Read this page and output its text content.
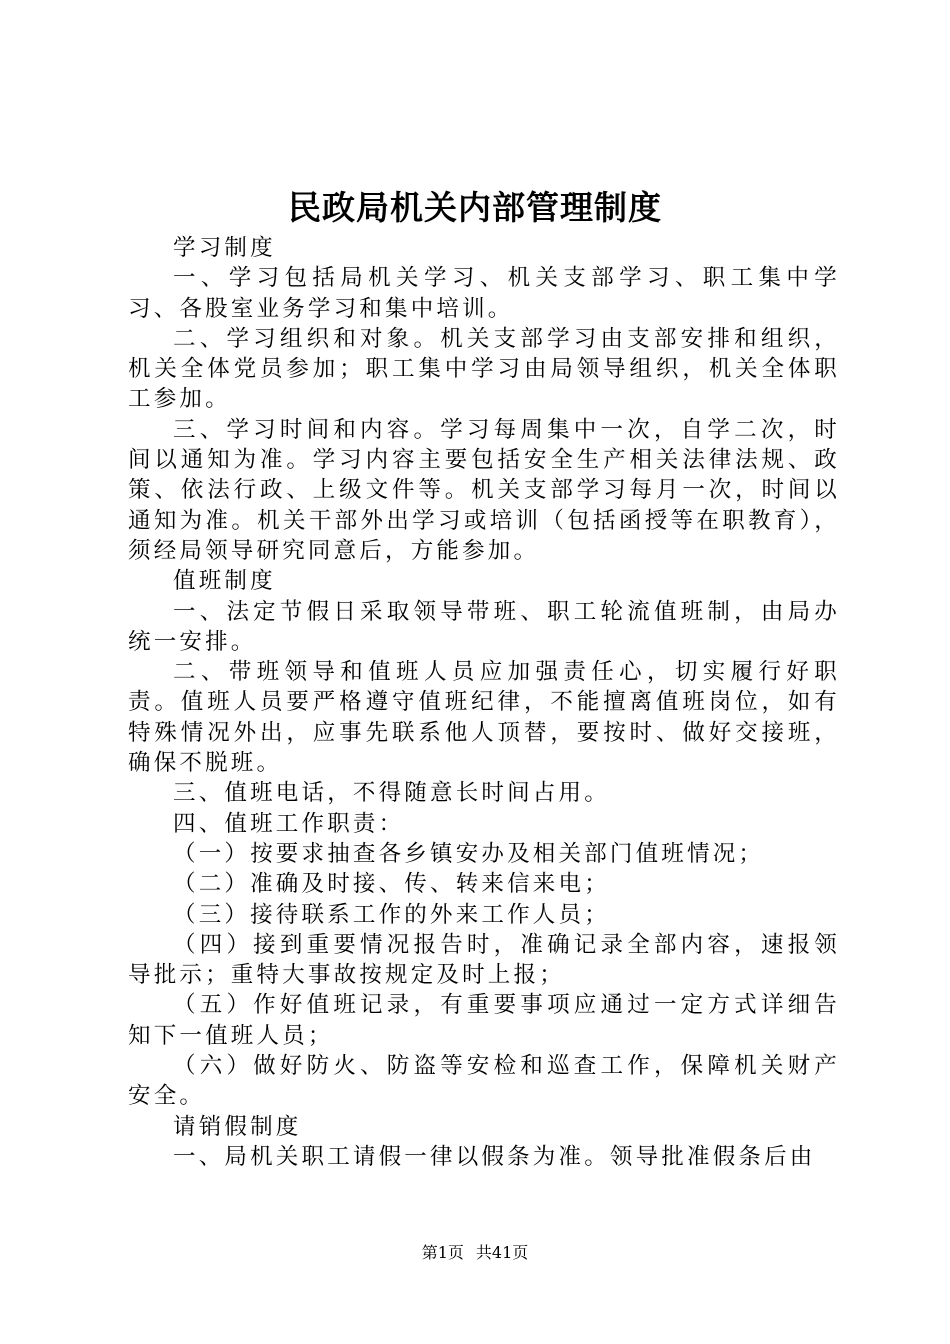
民政局机关内部管理制度

学习制度

一、学习包括局机关学习、机关支部学习、职工集中学习、各股室业务学习和集中培训。

二、学习组织和对象。机关支部学习由支部安排和组织，机关全体党员参加；职工集中学习由局领导组织，机关全体职工参加。

三、学习时间和内容。学习每周集中一次，自学二次，时间以通知为准。学习内容主要包括安全生产相关法律法规、政策、依法行政、上级文件等。机关支部学习每月一次，时间以通知为准。机关干部外出学习或培训（包括函授等在职教育），须经局领导研究同意后，方能参加。

值班制度

一、法定节假日采取领导带班、职工轮流值班制，由局办统一安排。

二、带班领导和值班人员应加强责任心，切实履行好职责。值班人员要严格遵守值班纪律，不能擅离值班岗位，如有特殊情况外出，应事先联系他人顶替，要按时、做好交接班，确保不脱班。

三、值班电话，不得随意长时间占用。

四、值班工作职责：

（一）按要求抽查各乡镇安办及相关部门值班情况；

（二）准确及时接、传、转来信来电；

（三）接待联系工作的外来工作人员；

（四）接到重要情况报告时，准确记录全部内容，速报领导批示；重特大事故按规定及时上报；

（五）作好值班记录，有重要事项应通过一定方式详细告知下一值班人员；

（六）做好防火、防盗等安检和巡查工作，保障机关财产安全。

请销假制度

一、局机关职工请假一律以假条为准。领导批准假条后由

第1页 共41页
